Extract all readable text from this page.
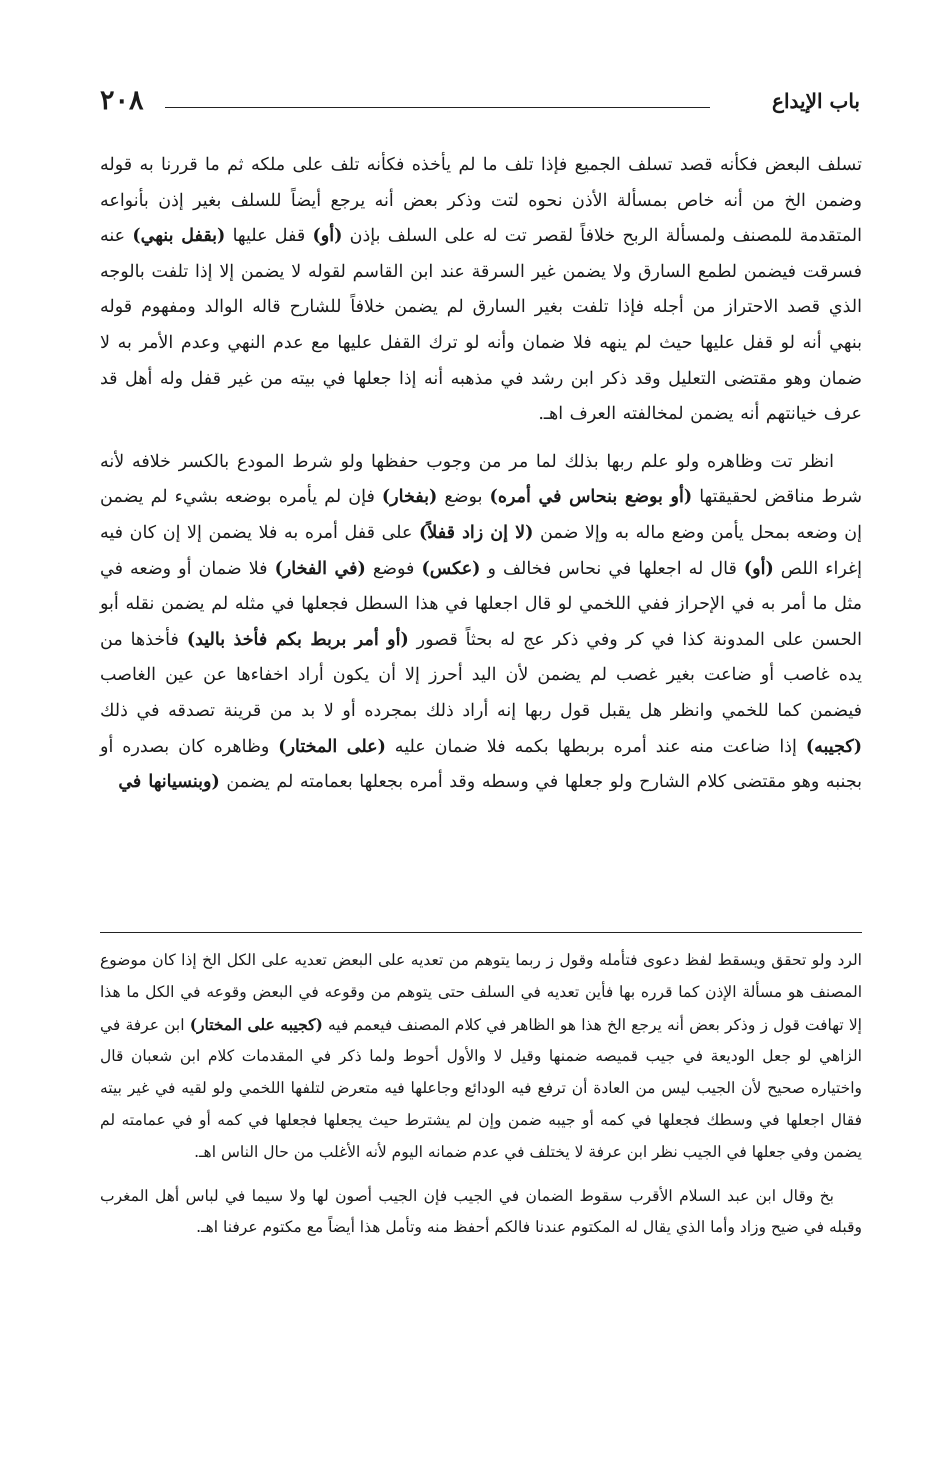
٢٠٨	باب الإيداع

تسلف البعض فكأنه قصد تسلف الجميع فإذا تلف ما لم يأخذه فكأنه تلف على ملكه ثم ما قررنا به قوله وضمن الخ من أنه خاص بمسألة الأذن نحوه لتت وذكر بعض أنه يرجع أيضاً للسلف بغير إذن بأنواعه المتقدمة للمصنف ولمسألة الربح خلافاً لقصر تت له على السلف بإذن (أو) قفل عليها (بقفل بنهي) عنه فسرقت فيضمن لطمع السارق ولا يضمن غير السرقة عند ابن القاسم لقوله لا يضمن إلا إذا تلفت بالوجه الذي قصد الاحتراز من أجله فإذا تلفت بغير السارق لم يضمن خلافاً للشارح قاله الوالد ومفهوم قوله بنهي أنه لو قفل عليها حيث لم ينهه فلا ضمان وأنه لو ترك القفل عليها مع عدم النهي وعدم الأمر به لا ضمان وهو مقتضى التعليل وقد ذكر ابن رشد في مذهبه أنه إذا جعلها في بيته من غير قفل وله أهل قد عرف خيانتهم أنه يضمن لمخالفته العرف اهـ.

انظر تت وظاهره ولو علم ربها بذلك لما مر من وجوب حفظها ولو شرط المودع بالكسر خلافه لأنه شرط مناقض لحقيقتها (أو بوضع بنحاس في أمره) بوضع (بفخار) فإن لم يأمره بوضعه بشيء لم يضمن إن وضعه بمحل يأمن وضع ماله به وإلا ضمن (لا إن زاد قفلاً) على قفل أمره به فلا يضمن إلا إن كان فيه إغراء اللص (أو) قال له اجعلها في نحاس فخالف و (عكس) فوضع (في الفخار) فلا ضمان أو وضعه في مثل ما أمر به في الإحراز ففي اللخمي لو قال اجعلها في هذا السطل فجعلها في مثله لم يضمن نقله أبو الحسن على المدونة كذا في كر وفي ذكر عج له بحثاً قصور (أو أمر بربط بكم فأخذ باليد) فأخذها من يده غاصب أو ضاعت بغير غصب لم يضمن لأن اليد أحرز إلا أن يكون أراد اخفاءها عن عين الغاصب فيضمن كما للخمي وانظر هل يقبل قول ربها إنه أراد ذلك بمجرده أو لا بد من قرينة تصدقه في ذلك (كجيبه) إذا ضاعت منه عند أمره بربطها بكمه فلا ضمان عليه (على المختار) وظاهره كان بصدره أو بجنبه وهو مقتضى كلام الشارح ولو جعلها في وسطه وقد أمره بجعلها بعمامته لم يضمن (وبنسيانها في

الرد ولو تحقق ويسقط لفظ دعوى فتأمله وقول ز ربما يتوهم من تعديه على البعض تعديه على الكل الخ إذا كان موضوع المصنف هو مسألة الإذن كما قرره بها فأين تعديه في السلف حتى يتوهم من وقوعه في البعض وقوعه في الكل ما هذا إلا تهافت قول ز وذكر بعض أنه يرجع الخ هذا هو الظاهر في كلام المصنف فيعمم فيه (كجيبه على المختار) ابن عرفة في الزاهي لو جعل الوديعة في جيب قميصه ضمنها وقيل لا والأول أحوط ولما ذكر في المقدمات كلام ابن شعبان قال واختياره صحيح لأن الجيب ليس من العادة أن ترفع فيه الودائع وجاعلها فيه متعرض لتلفها اللخمي ولو لقيه في غير بيته فقال اجعلها في وسطك فجعلها في كمه أو جيبه ضمن وإن لم يشترط حيث يجعلها فجعلها في كمه أو في عمامته لم يضمن وفي جعلها في الجيب نظر ابن عرفة لا يختلف في عدم ضمانه اليوم لأنه الأغلب من حال الناس اهـ.

بخ وقال ابن عبد السلام الأقرب سقوط الضمان في الجيب فإن الجيب أصون لها ولا سيما في لباس أهل المغرب وقبله في ضيح وزاد وأما الذي يقال له المكتوم عندنا فالكم أحفظ منه وتأمل هذا أيضاً مع مكتوم عرفنا اهـ.
